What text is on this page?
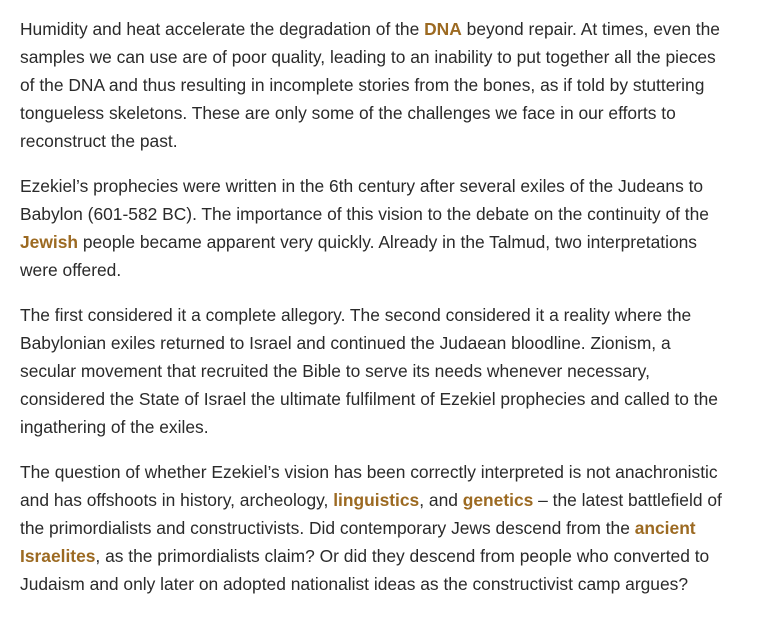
Humidity and heat accelerate the degradation of the DNA beyond repair. At times, even the samples we can use are of poor quality, leading to an inability to put together all the pieces of the DNA and thus resulting in incomplete stories from the bones, as if told by stuttering tongueless skeletons. These are only some of the challenges we face in our efforts to reconstruct the past.

Ezekiel’s prophecies were written in the 6th century after several exiles of the Judeans to Babylon (601-582 BC). The importance of this vision to the debate on the continuity of the Jewish people became apparent very quickly. Already in the Talmud, two interpretations were offered.

The first considered it a complete allegory. The second considered it a reality where the Babylonian exiles returned to Israel and continued the Judaean bloodline. Zionism, a secular movement that recruited the Bible to serve its needs whenever necessary, considered the State of Israel the ultimate fulfilment of Ezekiel prophecies and called to the ingathering of the exiles.

The question of whether Ezekiel’s vision has been correctly interpreted is not anachronistic and has offshoots in history, archeology, linguistics, and genetics – the latest battlefield of the primordialists and constructivists. Did contemporary Jews descend from the ancient Israelites, as the primordialists claim? Or did they descend from people who converted to Judaism and only later on adopted nationalist ideas as the constructivist camp argues?
